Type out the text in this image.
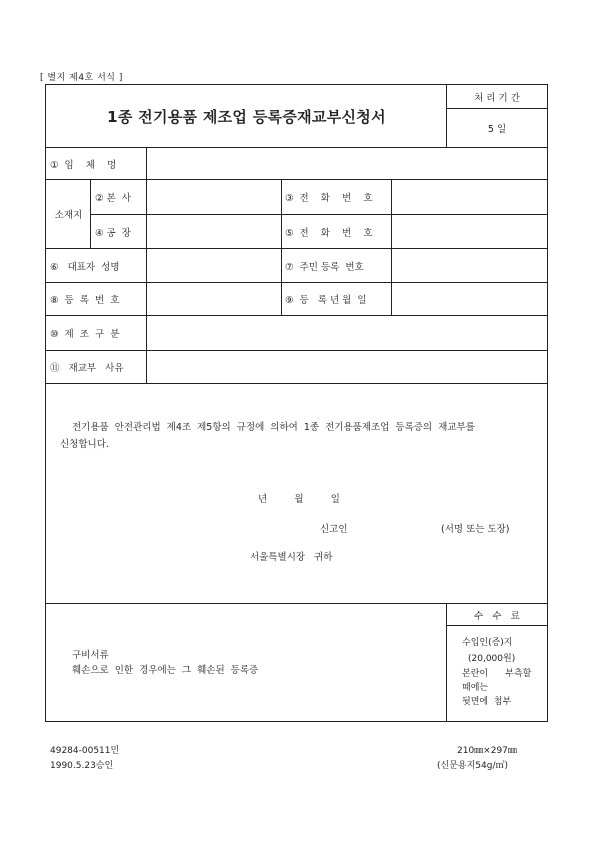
[ 별지 제4호 서식 ]
1종 전기용품 제조업 등록증재교부신청서
처 리 기 간
5 일
①  임    체    멍
소재지
② 본  사	③  전    화    번    호
④ 공  장	⑤  전    화    번    호
⑥   대표자  성명	⑦  주민 등록  번호
⑧  등  록  번  호	⑨  등   록 년 월  일
⑩  제  조  구  분
⑪   재교부   사유
전기용품  안전관리법  제4조  제5항의  규정에  의하여  1종  전기용품제조업  등록증의  재교부를
신청합니다.
년         월         일
신고인	(서명 또는 도장)
서울특별시장   귀하
구비서류
훼손으로  인한  경우에는  그  훼손된  등록증
수   수   료
수입인(증)지
(20,000원)
본란이      부측할
때에는
뒷면에  첨부
49284-00511민
1990.5.23승인
210㎜×297㎜
(신문용지54g/㎡)
